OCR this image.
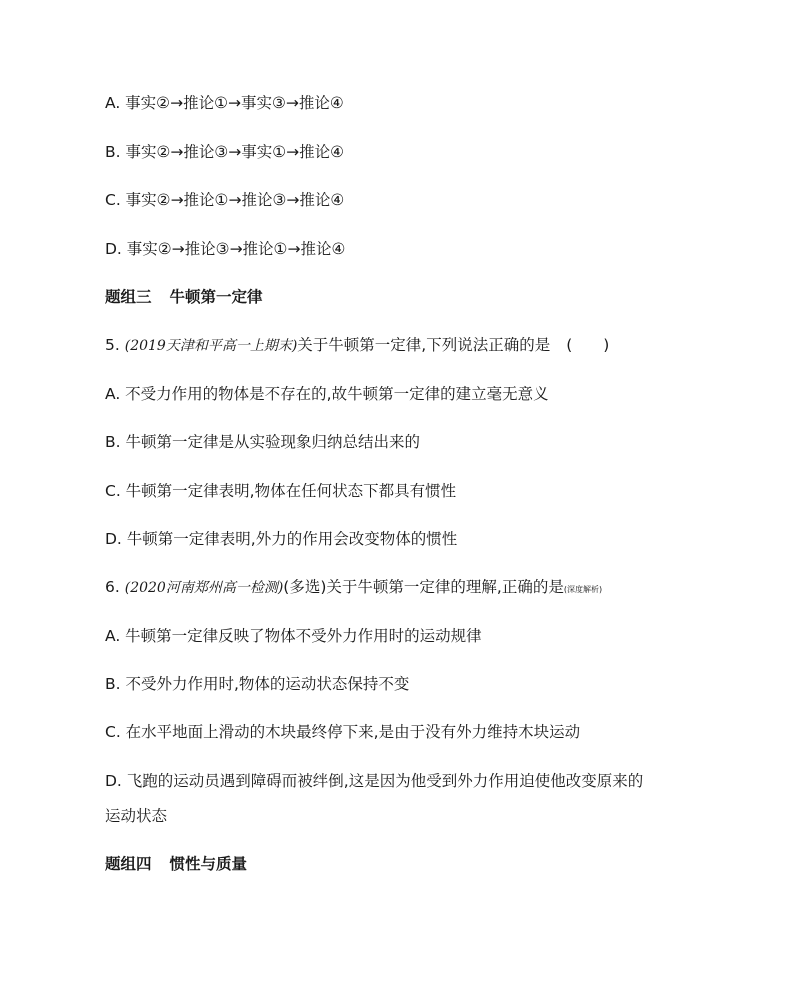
A. 事实②→推论①→事实③→推论④
B. 事实②→推论③→事实①→推论④
C. 事实②→推论①→推论③→推论④
D. 事实②→推论③→推论①→推论④
题组三 牛顿第一定律
5. (2019天津和平高一上期末)关于牛顿第一定律,下列说法正确的是 (　　)
A. 不受力作用的物体是不存在的,故牛顿第一定律的建立毫无意义
B. 牛顿第一定律是从实验现象归纳总结出来的
C. 牛顿第一定律表明,物体在任何状态下都具有惯性
D. 牛顿第一定律表明,外力的作用会改变物体的惯性
6. (2020河南郑州高一检测)(多选)关于牛顿第一定律的理解,正确的是(深度解析)
A. 牛顿第一定律反映了物体不受外力作用时的运动规律
B. 不受外力作用时,物体的运动状态保持不变
C. 在水平地面上滑动的木块最终停下来,是由于没有外力维持木块运动
D. 飞跑的运动员遇到障碍而被绊倒,这是因为他受到外力作用迫使他改变原来的
运动状态
题组四 惯性与质量
